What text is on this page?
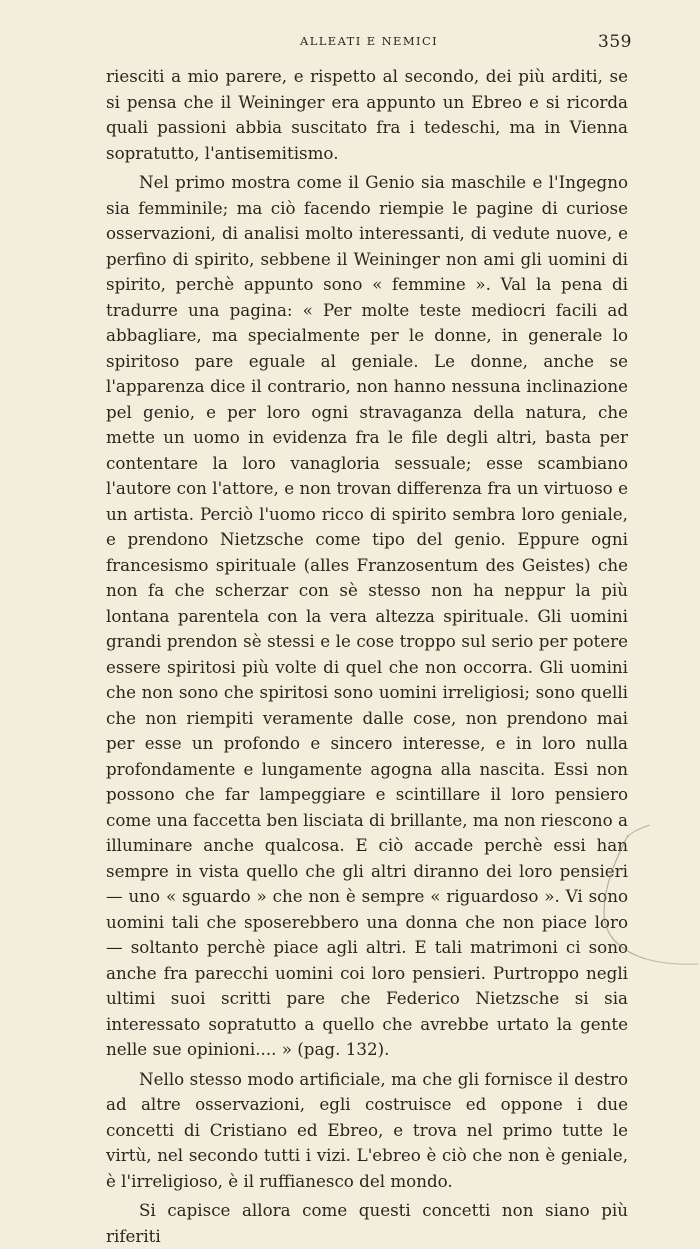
ALLEATI E NEMICI	359

riesciti a mio parere, e rispetto al secondo, dei più arditi, se si pensa che il Weininger era appunto un Ebreo e si ricorda quali passioni abbia suscitato fra i tedeschi, ma in Vienna sopratutto, l'antisemitismo.

Nel primo mostra come il Genio sia maschile e l'Ingegno sia femminile; ma ciò facendo riempie le pagine di curiose osservazioni, di analisi molto interessanti, di vedute nuove, e perfino di spirito, sebbene il Weininger non ami gli uomini di spirito, perchè appunto sono « femmine ». Val la pena di tradurre una pagina: « Per molte teste mediocri facili ad abbagliare, ma specialmente per le donne, in generale lo spiritoso pare eguale al geniale. Le donne, anche se l'apparenza dice il contrario, non hanno nessuna inclinazione pel genio, e per loro ogni stravaganza della natura, che mette un uomo in evidenza fra le file degli altri, basta per contentare la loro vanagloria sessuale; esse scambiano l'autore con l'attore, e non trovan differenza fra un virtuoso e un artista. Perciò l'uomo ricco di spirito sembra loro geniale, e prendono Nietzsche come tipo del genio. Eppure ogni francesismo spirituale (alles Franzosentum des Geistes) che non fa che scherzar con sè stesso non ha neppur la più lontana parentela con la vera altezza spirituale. Gli uomini grandi prendon sè stessi e le cose troppo sul serio per potere essere spiritosi più volte di quel che non occorra. Gli uomini che non sono che spiritosi sono uomini irreligiosi; sono quelli che non riempiti veramente dalle cose, non prendono mai per esse un profondo e sincero interesse, e in loro nulla profondamente e lungamente agogna alla nascita. Essi non possono che far lampeggiare e scintillare il loro pensiero come una faccetta ben lisciata di brillante, ma non riescono a illuminare anche qualcosa. E ciò accade perchè essi han sempre in vista quello che gli altri diranno dei loro pensieri — uno « sguardo » che non è sempre « riguardoso ». Vi sono uomini tali che sposerebbero una donna che non piace loro — soltanto perchè piace agli altri. E tali matrimoni ci sono anche fra parecchi uomini coi loro pensieri. Purtroppo negli ultimi suoi scritti pare che Federico Nietzsche si sia interessato sopratutto a quello che avrebbe urtato la gente nelle sue opinioni.... » (pag. 132).

Nello stesso modo artificiale, ma che gli fornisce il destro ad altre osservazioni, egli costruisce ed oppone i due concetti di Cristiano ed Ebreo, e trova nel primo tutte le virtù, nel secondo tutti i vizi. L'ebreo è ciò che non è geniale, è l'irreligioso, è il ruffianesco del mondo.

Si capisce allora come questi concetti non siano più riferiti
